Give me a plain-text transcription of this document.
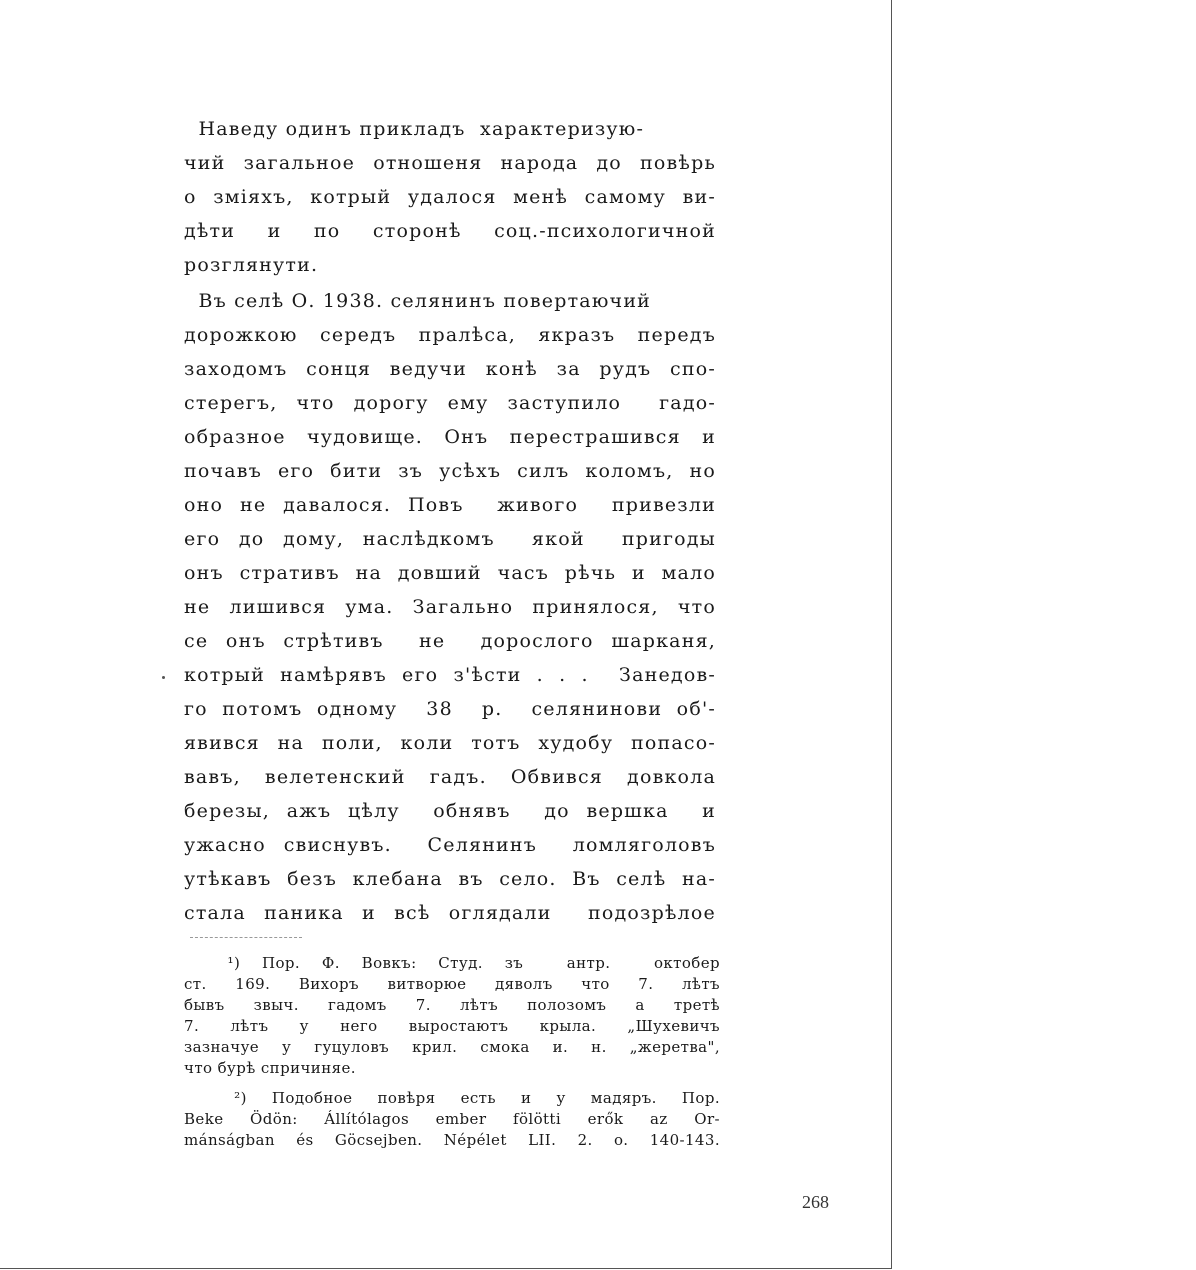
Наведу одинъ прикладъ  характеризую-

чий загальное отношеня народа до повѣрь

о зміяхъ, котрый удалося менѣ самому ви-

дѣти  и  по  сторонѣ  соц.-психологичной

розглянути.

Въ селѣ О. 1938. селянинъ повертаючий

дорожкою середъ пралѣса, якразъ передъ

заходомъ сонця ведучи конѣ за рудъ спо-

стерегъ, что дорогу ему заступило  гадо-

образное чудовище. Онъ перестрашився и

почавъ его бити зъ усѣхъ силъ коломъ, но

оно не давалося. Повъ  живого  привезли

его до дому, наслѣдкомъ  якой  пригоды

онъ стративъ на довший часъ рѣчь и мало

не лишився ума. Загально принялося, что

се онъ стрѣтивъ  не  дорослого шарканя,

котрый намѣрявъ его з'ѣсти . . .  Занедов-

го потомъ одному  38  р.  селянинови об'-

явився на поли, коли тотъ худобу попасо-

вавъ, велетенский гадъ. Обвився довкола

березы, ажъ цѣлу  обнявъ  до вершка  и

ужасно свиснувъ.  Селянинъ  ломляголовъ

утѣкавъ безъ клебана въ село. Въ селѣ на-

стала паника и всѣ оглядали  подозрѣлое

¹) Пор. Ф. Вовкъ: Студ. зъ  антр.  октобер

ст. 169. Вихоръ витворюе дяволъ что 7. лѣтъ

бывъ звыч. гадомъ 7. лѣтъ полозомъ а третѣ

7. лѣтъ у него выростаютъ крыла. „Шухевичъ

зазначуе у гуцуловъ крил. смока и. н. „жеретва",

что бурѣ спричиняе.

²) Подобное повѣря есть и у мадяръ. Пор.

Beke Ödön: Állítólagos ember fölötti erők az Or-

mánságban és Göcsejben. Népélet LII. 2. o. 140-143.

268
